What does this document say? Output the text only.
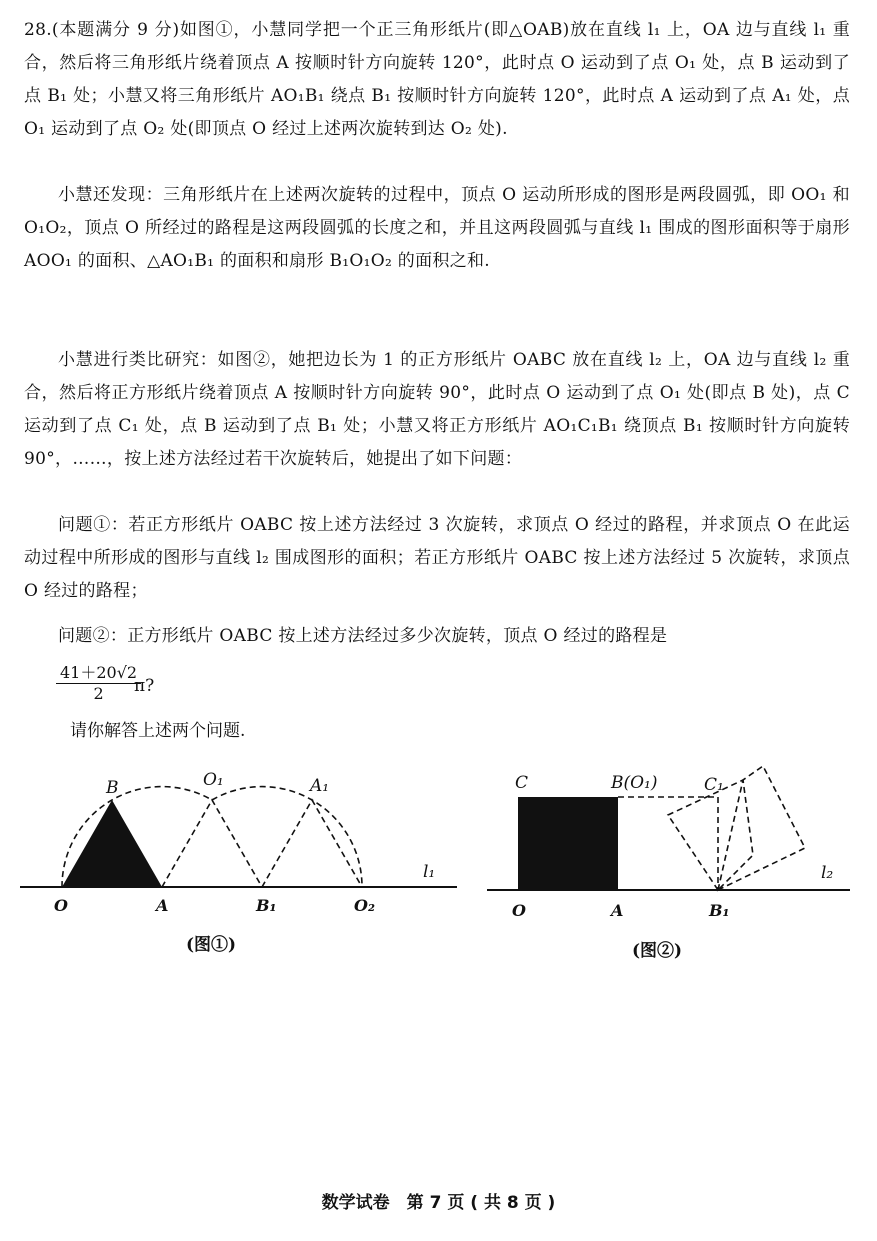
28.(本题满分 9 分)如图①，小慧同学把一个正三角形纸片(即△OAB)放在直线 l₁ 上，OA 边与直线 l₁ 重合，然后将三角形纸片绕着顶点 A 按顺时针方向旋转 120°，此时点 O 运动到了点 O₁ 处，点 B 运动到了点 B₁ 处；小慧又将三角形纸片 AO₁B₁ 绕点 B₁ 按顺时针方向旋转 120°，此时点 A 运动到了点 A₁ 处，点 O₁ 运动到了点 O₂ 处(即顶点 O 经过上述两次旋转到达 O₂ 处).
小慧还发现：三角形纸片在上述两次旋转的过程中，顶点 O 运动所形成的图形是两段圆弧，即 OO₁ 和 O₁O₂，顶点 O 所经过的路程是这两段圆弧的长度之和，并且这两段圆弧与直线 l₁ 围成的图形面积等于扇形 AOO₁ 的面积、△AO₁B₁ 的面积和扇形 B₁O₁O₂ 的面积之和.
小慧进行类比研究：如图②，她把边长为 1 的正方形纸片 OABC 放在直线 l₂ 上，OA 边与直线 l₂ 重合，然后将正方形纸片绕着顶点 A 按顺时针方向旋转 90°，此时点 O 运动到了点 O₁ 处(即点 B 处)，点 C 运动到了点 C₁ 处，点 B 运动到了点 B₁ 处；小慧又将正方形纸片 AO₁C₁B₁ 绕顶点 B₁ 按顺时针方向旋转 90°，……，按上述方法经过若干次旋转后，她提出了如下问题：
问题①：若正方形纸片 OABC 按上述方法经过 3 次旋转，求顶点 O 经过的路程，并求顶点 O 在此运动过程中所形成的图形与直线 l₂ 围成图形的面积；若正方形纸片 OABC 按上述方法经过 5 次旋转，求顶点 O 经过的路程；
问题②：正方形纸片 OABC 按上述方法经过多少次旋转，顶点 O 经过的路程是
$\frac{41+20√2}{2}$
π?
请你解答上述两个问题.
B	O₁	A₁
l₁
O	A	B₁	O₂
(图①)
C	B(O₁)	C₁
l₂
O	A	B₁
(图②)
数学试卷　第 7 页 ( 共 8 页 )
